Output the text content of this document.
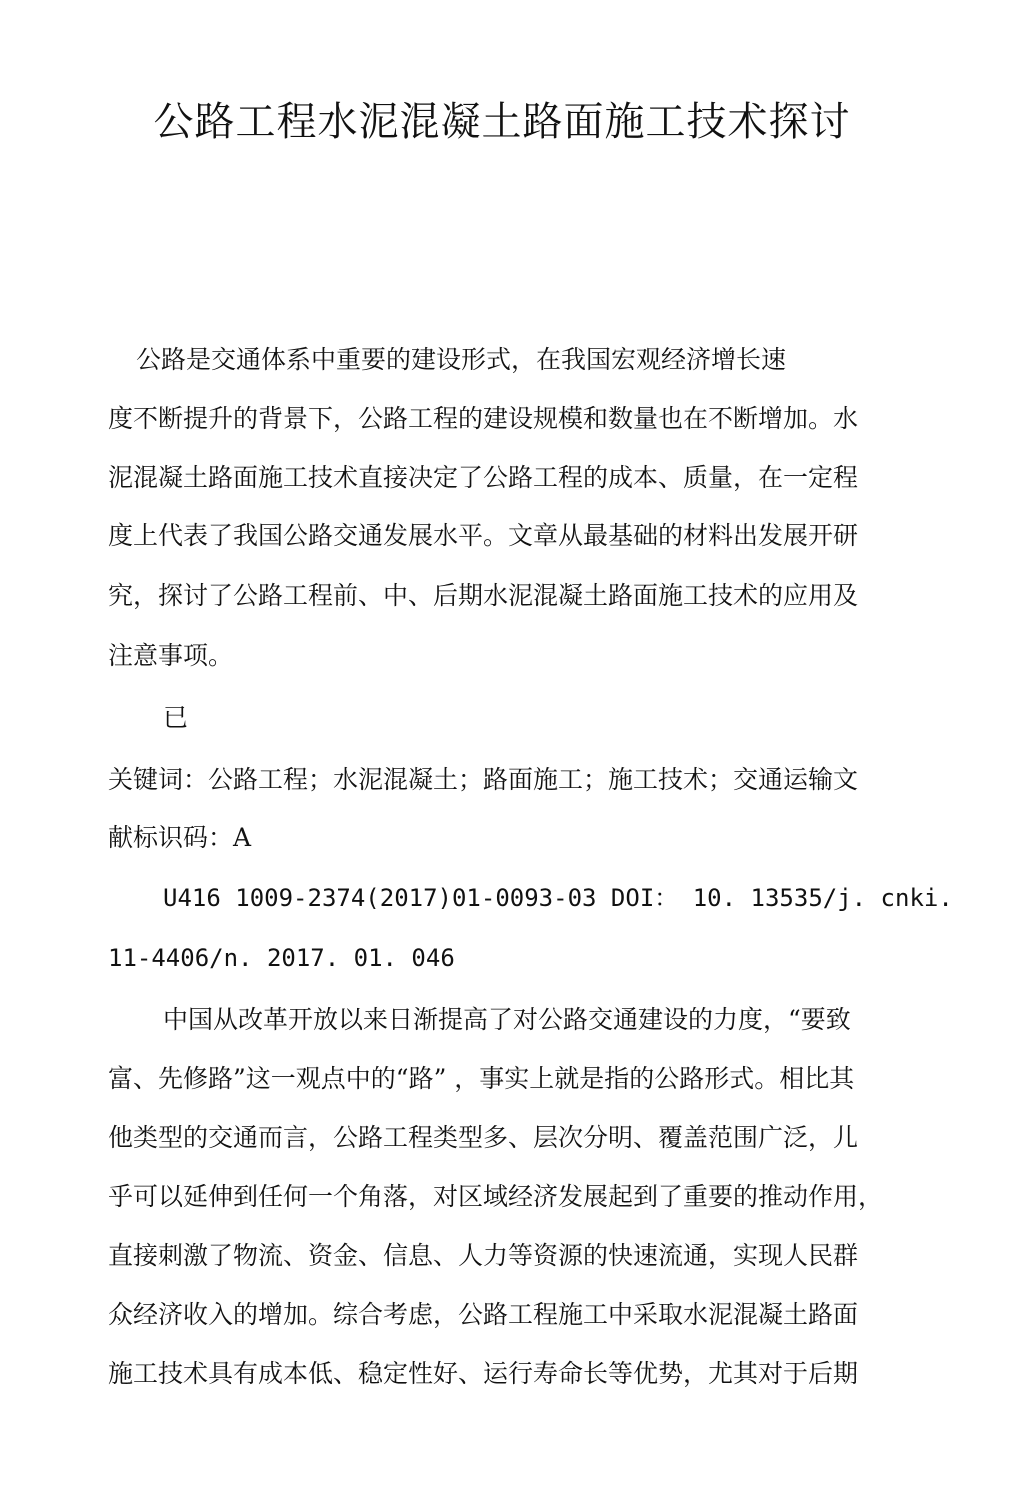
公路工程水泥混凝土路面施工技术探讨

公路是交通体系中重要的建设形式，在我国宏观经济增长速

度不断提升的背景下，公路工程的建设规模和数量也在不断增加。水

泥混凝土路面施工技术直接决定了公路工程的成本、质量，在一定程

度上代表了我国公路交通发展水平。文章从最基础的材料出发展开研

究，探讨了公路工程前、中、后期水泥混凝土路面施工技术的应用及

注意事项。

已

关键词：公路工程；水泥混凝土；路面施工；施工技术；交通运输文

献标识码：A

U416 1009-2374(2017)01-0093-03 DOI： 10. 13535/j. cnki.

11-4406/n. 2017. 01. 046

中国从改革开放以来日渐提高了对公路交通建设的力度，“要致

富、先修路”这一观点中的“路” ，事实上就是指的公路形式。相比其

他类型的交通而言，公路工程类型多、层次分明、覆盖范围广泛，儿

乎可以延伸到任何一个角落，对区域经济发展起到了重要的推动作用，

直接刺激了物流、资金、信息、人力等资源的快速流通，实现人民群

众经济收入的增加。综合考虑，公路工程施工中采取水泥混凝土路面

施工技术具有成本低、稳定性好、运行寿命长等优势，尤其对于后期
